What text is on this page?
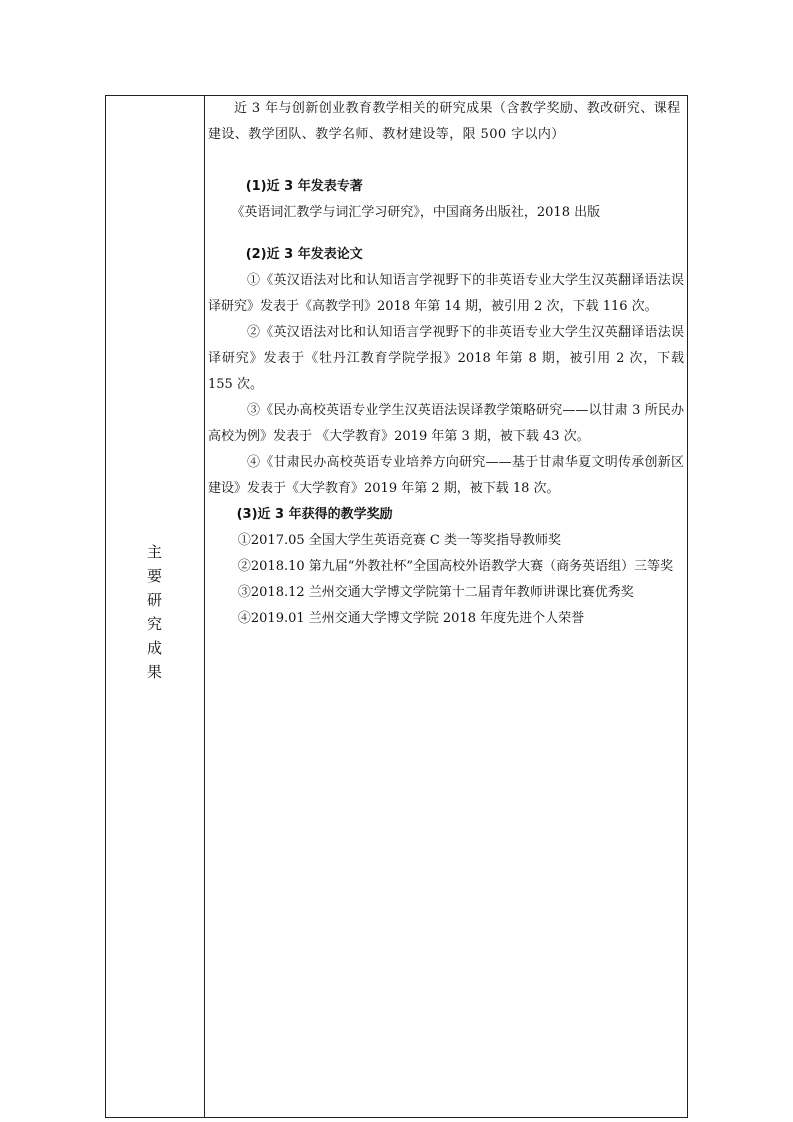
主
要
研
究
成
果

近 3 年与创新创业教育教学相关的研究成果（含教学奖励、教改研究、课程建设、教学团队、教学名师、教材建设等，限 500 字以内）

(1)近 3 年发表专著

《英语词汇教学与词汇学习研究》，中国商务出版社，2018 出版

(2)近 3 年发表论文

①《英汉语法对比和认知语言学视野下的非英语专业大学生汉英翻译语法误译研究》发表于《高教学刊》2018 年第 14 期，被引用 2 次，下载 116 次。

②《英汉语法对比和认知语言学视野下的非英语专业大学生汉英翻译语法误译研究》发表于《牡丹江教育学院学报》2018 年第 8 期，被引用 2 次，下载 155 次。

③《民办高校英语专业学生汉英语法误译教学策略研究——以甘肃 3 所民办高校为例》发表于 《大学教育》2019 年第 3 期，被下载 43 次。

④《甘肃民办高校英语专业培养方向研究——基于甘肃华夏文明传承创新区建设》发表于《大学教育》2019 年第 2 期，被下载 18 次。

(3)近 3 年获得的教学奖励

①2017.05 全国大学生英语竞赛 C 类一等奖指导教师奖

②2018.10 第九届“外教社杯”全国高校外语教学大赛（商务英语组）三等奖

③2018.12 兰州交通大学博文学院第十二届青年教师讲课比赛优秀奖

④2019.01 兰州交通大学博文学院 2018 年度先进个人荣誉
